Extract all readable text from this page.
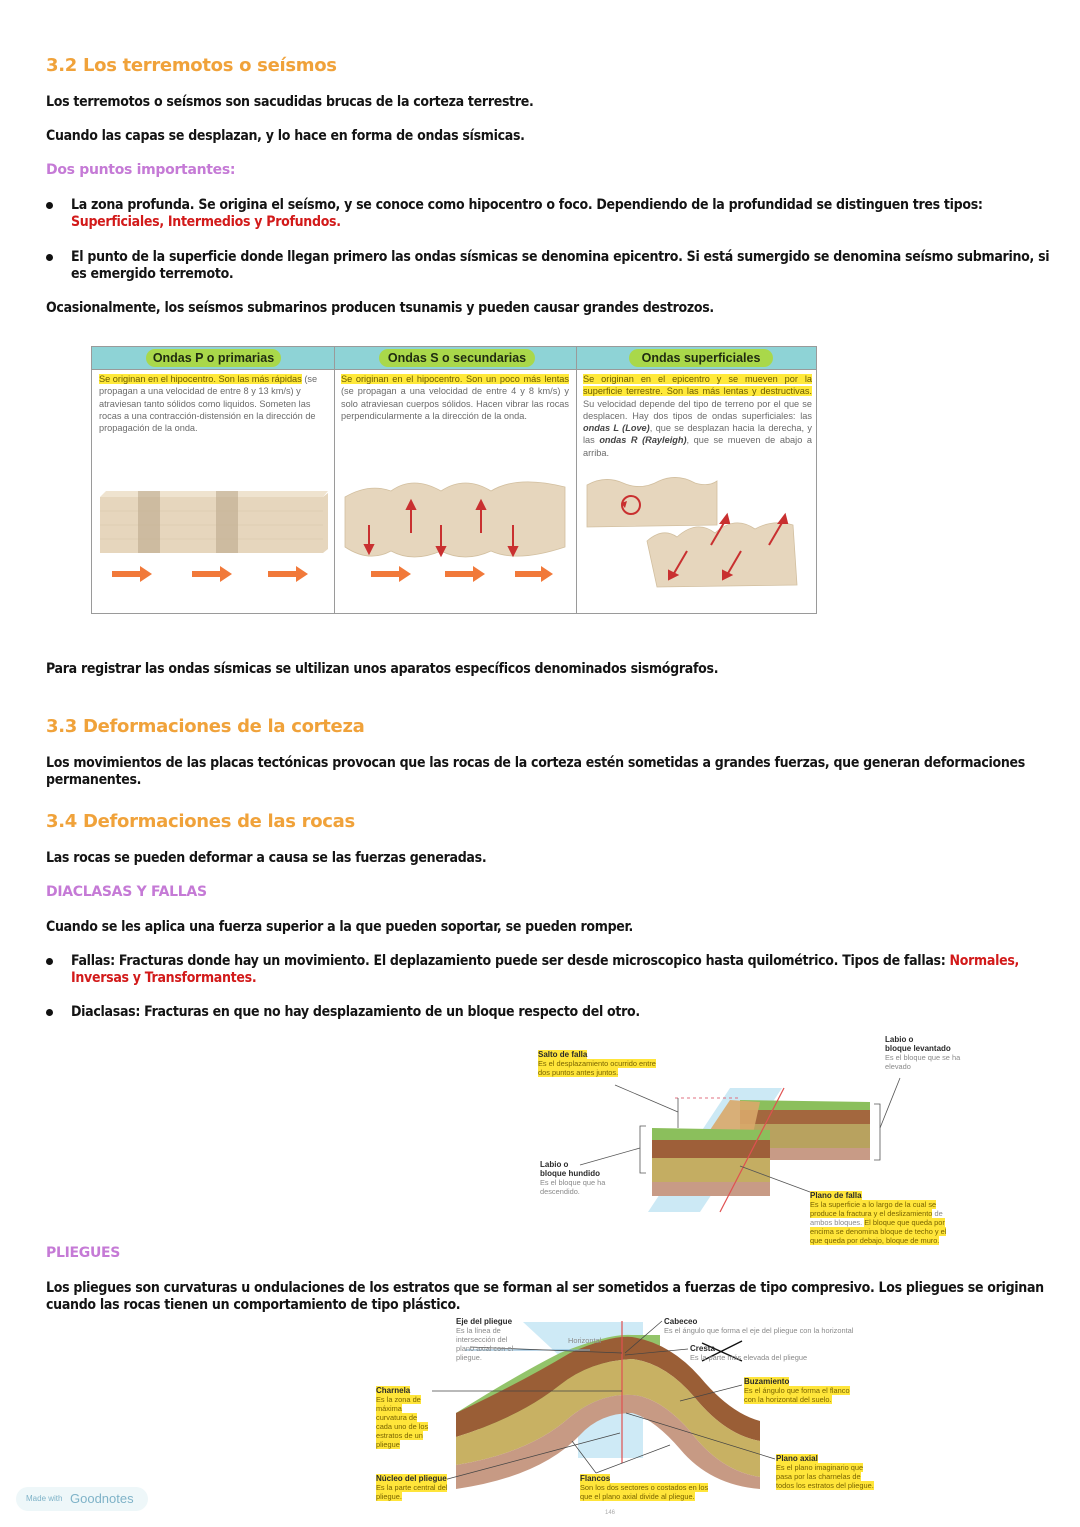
3.2 Los terremotos o seísmos
Los terremotos o seísmos son sacudidas brucas de la corteza terrestre.
Cuando las capas se desplazan, y lo hace en forma de ondas sísmicas.
Dos puntos importantes:
La zona profunda. Se origina el seísmo, y se conoce como hipocentro o foco. Dependiendo de la profundidad se distinguen tres tipos: Superficiales, Intermedios y Profundos.
El punto de la superficie donde llegan primero las ondas sísmicas se denomina epicentro. Si está sumergido se denomina seísmo submarino, si es emergido terremoto.
Ocasionalmente, los seísmos submarinos producen tsunamis y pueden causar grandes destrozos.
Ondas P o primarias
Se originan en el hipocentro. Son las más rápidas (se propagan a una velocidad de entre 8 y 13 km/s) y atraviesan tanto sólidos como liquidos. Someten las rocas a una contracción-distensión en la dirección de propagación de la onda.
Ondas S o secundarias
Se originan en el hipocentro. Son un poco más lentas (se propagan a una velocidad de entre 4 y 8 km/s) y solo atraviesan cuerpos sólidos. Hacen vibrar las rocas perpendicularmente a la dirección de la onda.
Ondas superficiales
Se originan en el epicentro y se mueven por la superficie terrestre. Son las más lentas y destructivas. Su velocidad depende del tipo de terreno por el que se desplacen. Hay dos tipos de ondas superficiales: las ondas L (Love), que se desplazan hacia la derecha, y las ondas R (Rayleigh), que se mueven de abajo a arriba.
Para registrar las ondas sísmicas se ultilizan unos aparatos específicos denominados sismógrafos.
3.3 Deformaciones de la corteza
Los movimientos de las placas tectónicas provocan que las rocas de la corteza estén sometidas a grandes fuerzas, que generan deformaciones permanentes.
3.4 Deformaciones de las rocas
Las rocas se pueden deformar a causa se las fuerzas generadas.
DIACLASAS Y FALLAS
Cuando se les aplica una fuerza superior a la que pueden soportar, se pueden romper.
Fallas: Fracturas donde hay un movimiento. El deplazamiento puede ser desde microscopico hasta quilométrico. Tipos de fallas: Normales, Inversas y Transformantes.
Diaclasas: Fracturas en que no hay desplazamiento de un bloque respecto del otro.
Salto de falla
Es el desplazamiento ocurrido entre dos puntos antes juntos.
Labio o
bloque levantado
Es el bloque que se ha elevado
Labio o
bloque hundido
Es el bloque que ha descendido.	Plano de falla
Es la superficie a lo largo de la cual se produce la fractura y el deslizamiento de ambos bloques. El bloque que queda por encima se denomina bloque de techo y el que queda por debajo, bloque de muro.
PLIEGUES
Los pliegues son curvaturas u ondulaciones de los estratos que se forman al ser sometidos a fuerzas de tipo compresivo. Los pliegues se originan cuando las rocas tienen un comportamiento de tipo plástico.
Eje del pliegue
Es la línea de intersección del plano axial con el pliegue.
Horizontal
Cabeceo
Es el ángulo que forma el eje del pliegue con la horizontal
Cresta
Es la parte más elevada del pliegue
Charnela
Es la zona de máxima curvatura de cada uno de los estratos de un pliegue
Buzamiento
Es el ángulo que forma el flanco con la horizontal del suelo.
Plano axial
Es el plano imaginario que pasa por las charnelas de todos los estratos del pliegue.
Núcleo del pliegue
Es la parte central del pliegue.
Flancos
Son los dos sectores o costados en los que el plano axial divide al pliegue.
146
Made with Goodnotes
